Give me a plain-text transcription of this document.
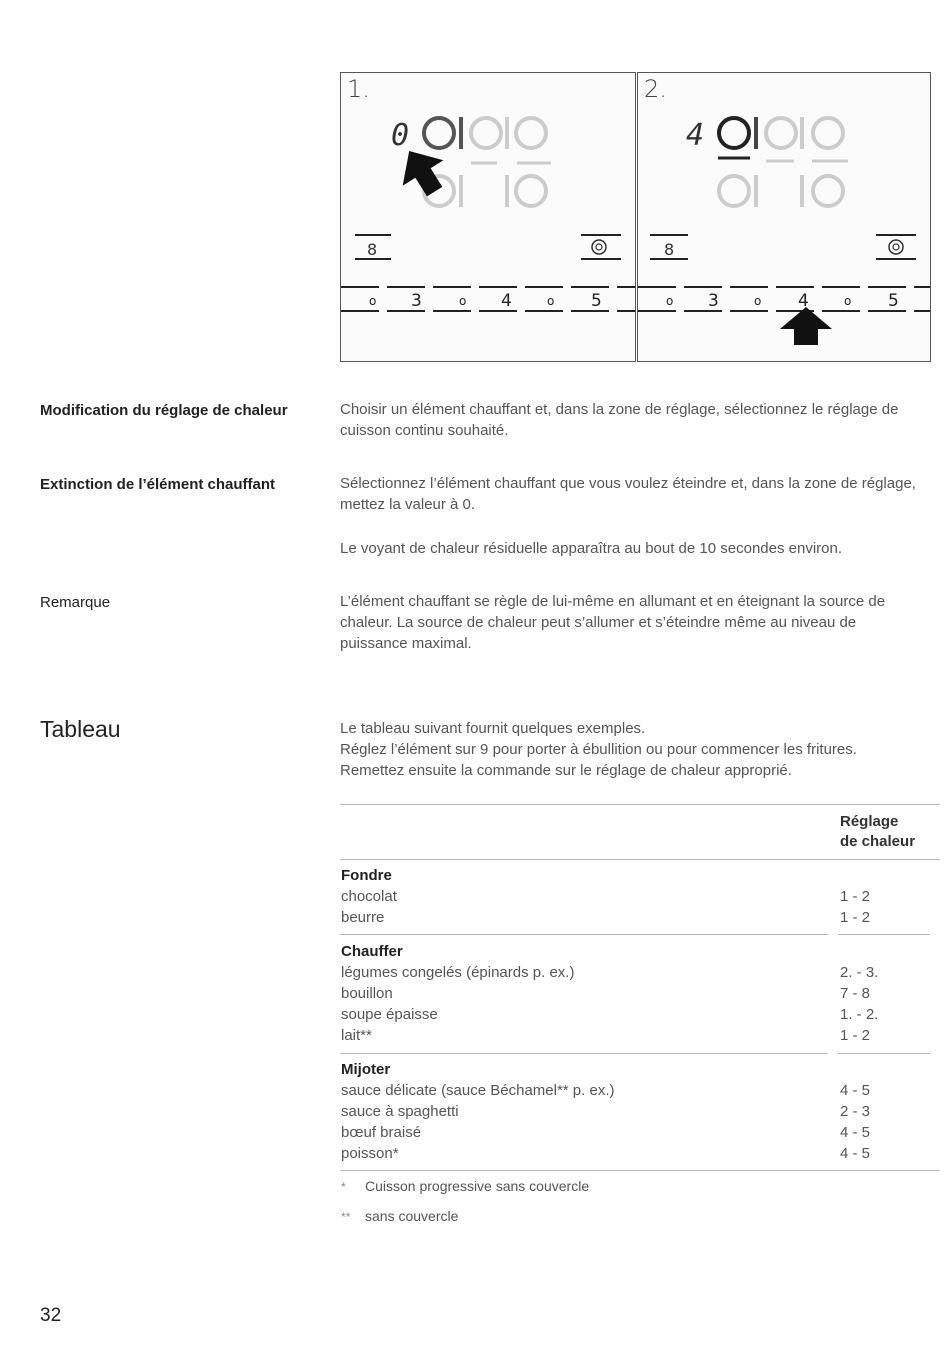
1.
0
8
o 3	o 4	o 5
2.
4
8
o 3	o 4	o 5
Modification du réglage de chaleur	Choisir un élément chauffant et, dans la zone de réglage, sélectionnez le réglage de cuisson continu souhaité.
Extinction de l’élément chauffant	Sélectionnez l’élément chauffant que vous voulez éteindre et, dans la zone de réglage, mettez la valeur à 0.
Le voyant de chaleur résiduelle apparaîtra au bout de 10 secondes environ.
Remarque	L’élément chauffant se règle de lui-même en allumant et en éteignant la source de chaleur. La source de chaleur peut s’allumer et s’éteindre même au niveau de puissance maximal.
Tableau	Le tableau suivant fournit quelques exemples.
Réglez l’élément sur 9 pour porter à ébullition ou pour commencer les fritures.
Remettez ensuite la commande sur le réglage de chaleur approprié.
Réglage
de chaleur
Fondre
chocolat	1 - 2
beurre	1 - 2
Chauffer
légumes congelés (épinards p. ex.)	2. - 3.
bouillon	7 - 8
soupe épaisse	1. - 2.
lait**	1 - 2
Mijoter
sauce délicate (sauce Béchamel** p. ex.)	4 - 5
sauce à spaghetti	2 - 3
bœuf braisé	4 - 5
poisson*	4 - 5
* Cuisson progressive sans couvercle
** sans couvercle
32
